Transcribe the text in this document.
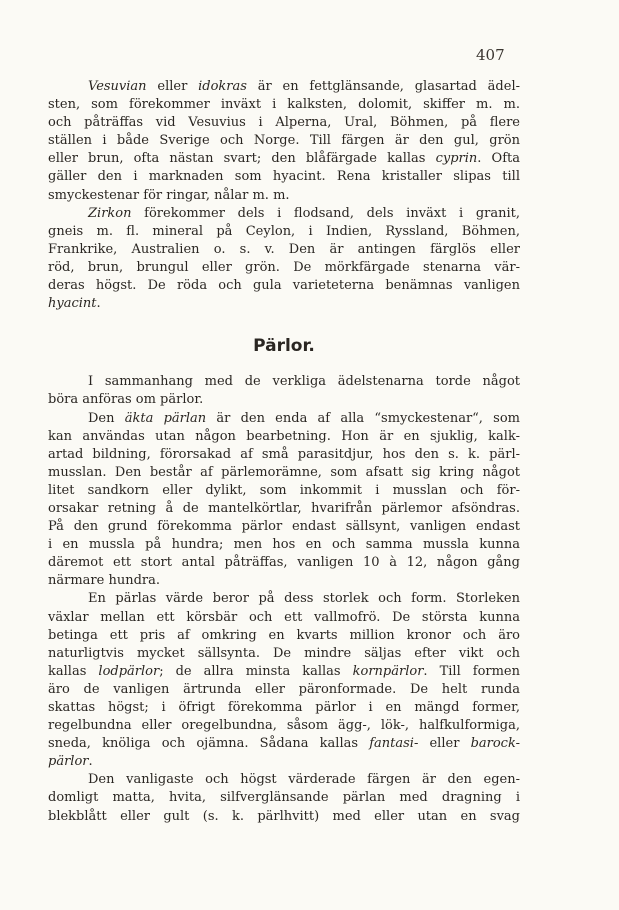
407

Vesuvian eller idokras är en fettglänsande, glasartad ädel-
sten, som förekommer inväxt i kalksten, dolomit, skiffer m. m.
och påträffas vid Vesuvius i Alperna, Ural, Böhmen, på flere
ställen i både Sverige och Norge. Till färgen är den gul, grön
eller brun, ofta nästan svart; den blåfärgade kallas cyprin. Ofta
gäller den i marknaden som hyacint. Rena kristaller slipas till
smyckestenar för ringar, nålar m. m.

Zirkon förekommer dels i flodsand, dels inväxt i granit,
gneis m. fl. mineral på Ceylon, i Indien, Ryssland, Böhmen,
Frankrike, Australien o. s. v. Den är antingen färglös eller
röd, brun, brungul eller grön. De mörkfärgade stenarna vär-
deras högst. De röda och gula varieteterna benämnas vanligen
hyacint.

Pärlor.

I sammanhang med de verkliga ädelstenarna torde något
böra anföras om pärlor.

Den äkta pärlan är den enda af alla “smyckestenar“, som
kan användas utan någon bearbetning. Hon är en sjuklig, kalk-
artad bildning, förorsakad af små parasitdjur, hos den s. k. pärl-
musslan. Den består af pärlemorämne, som afsatt sig kring något
litet sandkorn eller dylikt, som inkommit i musslan och för-
orsakar retning å de mantelkörtlar, hvarifrån pärlemor afsöndras.
På den grund förekomma pärlor endast sällsynt, vanligen endast
i en mussla på hundra; men hos en och samma mussla kunna
däremot ett stort antal påträffas, vanligen 10 à 12, någon gång
närmare hundra.

En pärlas värde beror på dess storlek och form. Storleken
växlar mellan ett körsbär och ett vallmofrö. De största kunna
betinga ett pris af omkring en kvarts million kronor och äro
naturligtvis mycket sällsynta. De mindre säljas efter vikt och
kallas lodpärlor; de allra minsta kallas kornpärlor. Till formen
äro de vanligen ärtrunda eller päronformade. De helt runda
skattas högst; i öfrigt förekomma pärlor i en mängd former,
regelbundna eller oregelbundna, såsom ägg-, lök-, halfkulformiga,
sneda, knöliga och ojämna. Sådana kallas fantasi- eller barock-
pärlor.

Den vanligaste och högst värderade färgen är den egen-
domligt matta, hvita, silfverglänsande pärlan med dragning i
blekblått eller gult (s. k. pärlhvitt) med eller utan en svag
